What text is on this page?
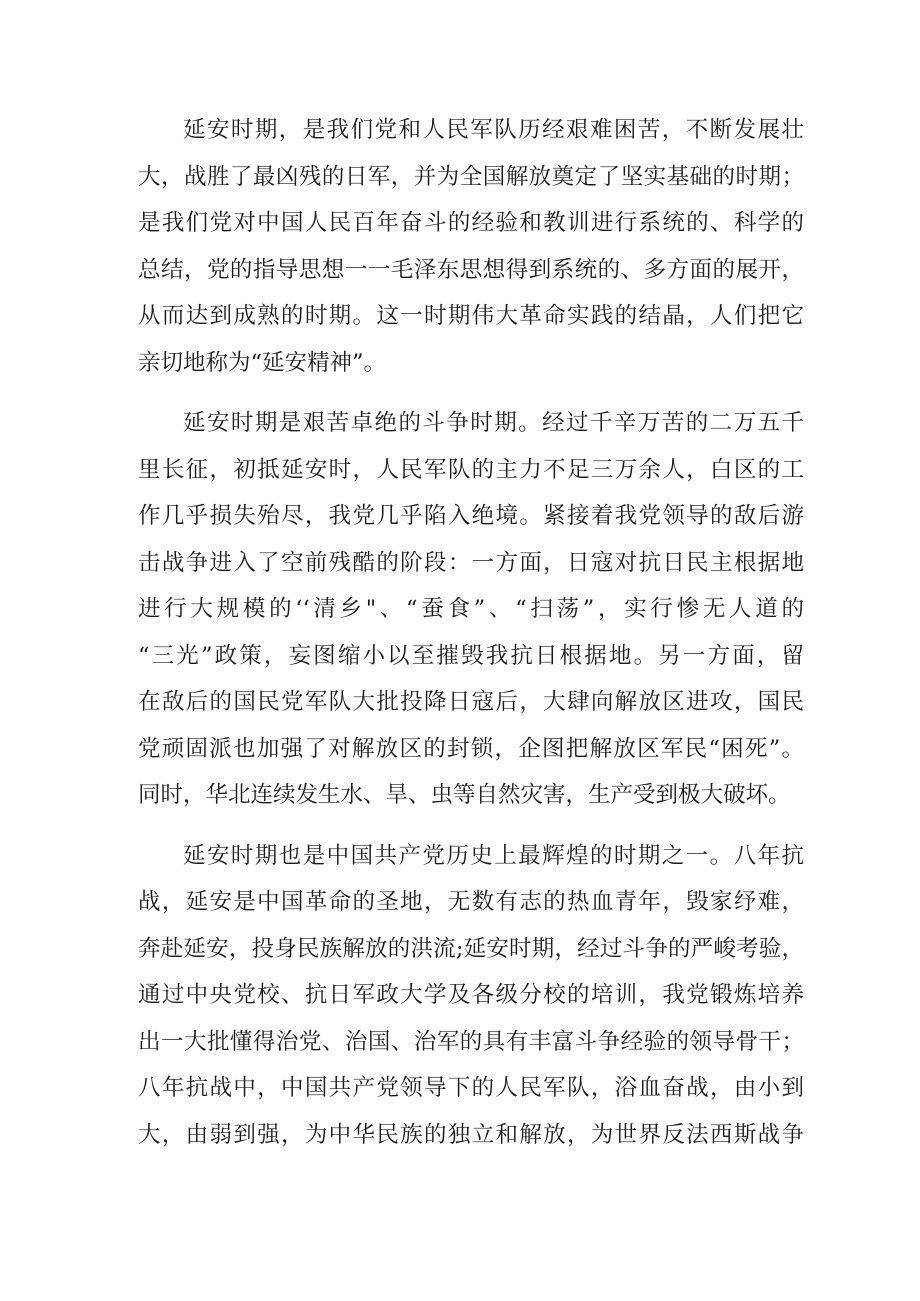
延安时期，是我们党和人民军队历经艰难困苦，不断发展壮
大，战胜了最凶残的日军，并为全国解放奠定了坚实基础的时期；
是我们党对中国人民百年奋斗的经验和教训进行系统的、科学的
总结，党的指导思想一一毛泽东思想得到系统的、多方面的展开，
从而达到成熟的时期。这一时期伟大革命实践的结晶，人们把它
亲切地称为“延安精神”。

延安时期是艰苦卓绝的斗争时期。经过千辛万苦的二万五千
里长征，初抵延安时，人民军队的主力不足三万余人，白区的工
作几乎损失殆尽，我党几乎陷入绝境。紧接着我党领导的敌后游
击战争进入了空前残酷的阶段：一方面，日寇对抗日民主根据地
进行大规模的‘‘清乡"、“蚕食”、“扫荡”，实行惨无人道的
“三光”政策，妄图缩小以至摧毁我抗日根据地。另一方面，留
在敌后的国民党军队大批投降日寇后，大肆向解放区进攻，国民
党顽固派也加强了对解放区的封锁，企图把解放区军民“困死”。
同时，华北连续发生水、旱、虫等自然灾害，生产受到极大破坏。

延安时期也是中国共产党历史上最辉煌的时期之一。八年抗
战，延安是中国革命的圣地，无数有志的热血青年，毁家纾难，
奔赴延安，投身民族解放的洪流;延安时期，经过斗争的严峻考验，
通过中央党校、抗日军政大学及各级分校的培训，我党锻炼培养
出一大批懂得治党、治国、治军的具有丰富斗争经验的领导骨干；
八年抗战中，中国共产党领导下的人民军队，浴血奋战，由小到
大，由弱到强，为中华民族的独立和解放，为世界反法西斯战争
